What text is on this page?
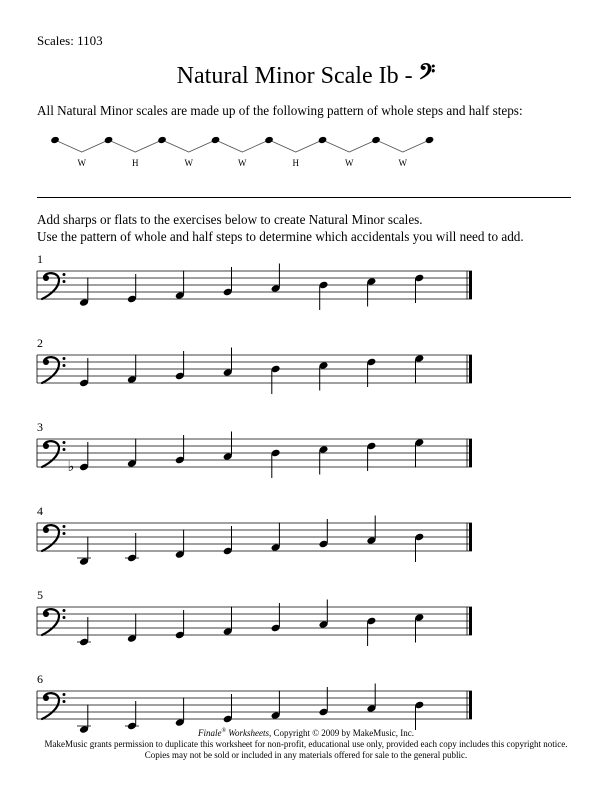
Scales: 1103
Natural Minor Scale Ib - 𝄢
All Natural Minor scales are made up of the following pattern of whole steps and half steps:
W	H	W	W	H	W	W
Add sharps or flats to the exercises below to create Natural Minor scales.
Use the pattern of whole and half steps to determine which accidentals you will need to add.
1
2
3
♭
4
5
6
Finale® Worksheets, Copyright © 2009 by MakeMusic, Inc.
MakeMusic grants permission to duplicate this worksheet for non-profit, educational use only, provided each copy includes this copyright notice.
Copies may not be sold or included in any materials offered for sale to the general public.
